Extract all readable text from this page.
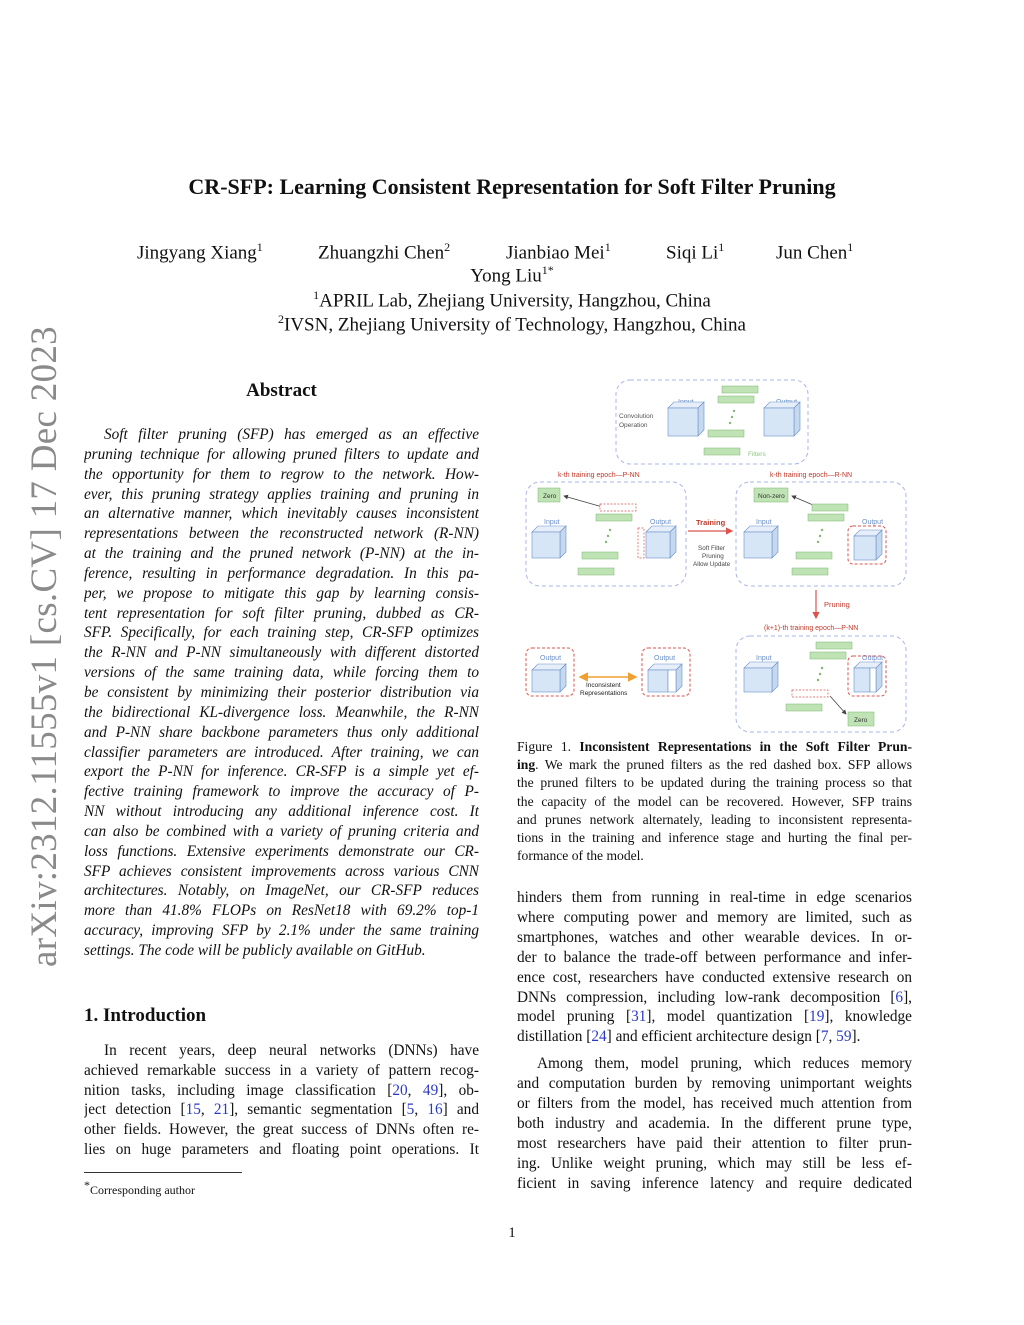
arXiv:2312.11555v1 [cs.CV] 17 Dec 2023
CR-SFP: Learning Consistent Representation for Soft Filter Pruning
Jingyang Xiang$^1$	Zhuangzhi Chen$^2$	Jianbiao Mei$^1$	Siqi Li$^1$	Jun Chen$^1$
Yong Liu$^{1*}$
$^1$APRIL Lab, Zhejiang University, Hangzhou, China
$^2$IVSN, Zhejiang University of Technology, Hangzhou, China
Abstract
Soft filter pruning (SFP) has emerged as an effective
pruning technique for allowing pruned filters to update and
the opportunity for them to regrow to the network. How-
ever, this pruning strategy applies training and pruning in
an alternative manner, which inevitably causes inconsistent
representations between the reconstructed network (R-NN)
at the training and the pruned network (P-NN) at the in-
ference, resulting in performance degradation. In this pa-
per, we propose to mitigate this gap by learning consis-
tent representation for soft filter pruning, dubbed as CR-
SFP. Specifically, for each training step, CR-SFP optimizes
the R-NN and P-NN simultaneously with different distorted
versions of the same training data, while forcing them to
be consistent by minimizing their posterior distribution via
the bidirectional KL-divergence loss. Meanwhile, the R-NN
and P-NN share backbone parameters thus only additional
classifier parameters are introduced. After training, we can
export the P-NN for inference. CR-SFP is a simple yet ef-
fective training framework to improve the accuracy of P-
NN without introducing any additional inference cost. It
can also be combined with a variety of pruning criteria and
loss functions. Extensive experiments demonstrate our CR-
SFP achieves consistent improvements across various CNN
architectures. Notably, on ImageNet, our CR-SFP reduces
more than 41.8% FLOPs on ResNet18 with 69.2% top-1
accuracy, improving SFP by 2.1% under the same training
settings. The code will be publicly available on GitHub.
1. Introduction
In recent years, deep neural networks (DNNs) have
achieved remarkable success in a variety of pattern recog-
nition tasks, including image classification [20, 49], ob-
ject detection [15, 21], semantic segmentation [5, 16] and
other fields. However, the great success of DNNs often re-
lies on huge parameters and floating point operations. It
*Corresponding author
Convolution
Operation
Filters
k-th training epoch—P-NN	k-th training epoch—R-NN
Zero
Input	Output	Training
Soft Filter
Pruning
Allow Update
Non-zero
Input	Output
Pruning
(k+1)-th training epoch—P-NN
Input	Output
Zero
Output	Output
Inconsistent
Representations
Figure 1. Inconsistent Representations in the Soft Filter Prun-
ing. We mark the pruned filters as the red dashed box. SFP allows
the pruned filters to be updated during the training process so that
the capacity of the model can be recovered. However, SFP trains
and prunes network alternately, leading to inconsistent representa-
tions in the training and inference stage and hurting the final per-
formance of the model.
hinders them from running in real-time in edge scenarios
where computing power and memory are limited, such as
smartphones, watches and other wearable devices. In or-
der to balance the trade-off between performance and infer-
ence cost, researchers have conducted extensive research on
DNNs compression, including low-rank decomposition [6],
model pruning [31], model quantization [19], knowledge
distillation [24] and efficient architecture design [7, 59].
Among them, model pruning, which reduces memory
and computation burden by removing unimportant weights
or filters from the model, has received much attention from
both industry and academia. In the different prune type,
most researchers have paid their attention to filter prun-
ing. Unlike weight pruning, which may still be less ef-
ficient in saving inference latency and require dedicated
1
